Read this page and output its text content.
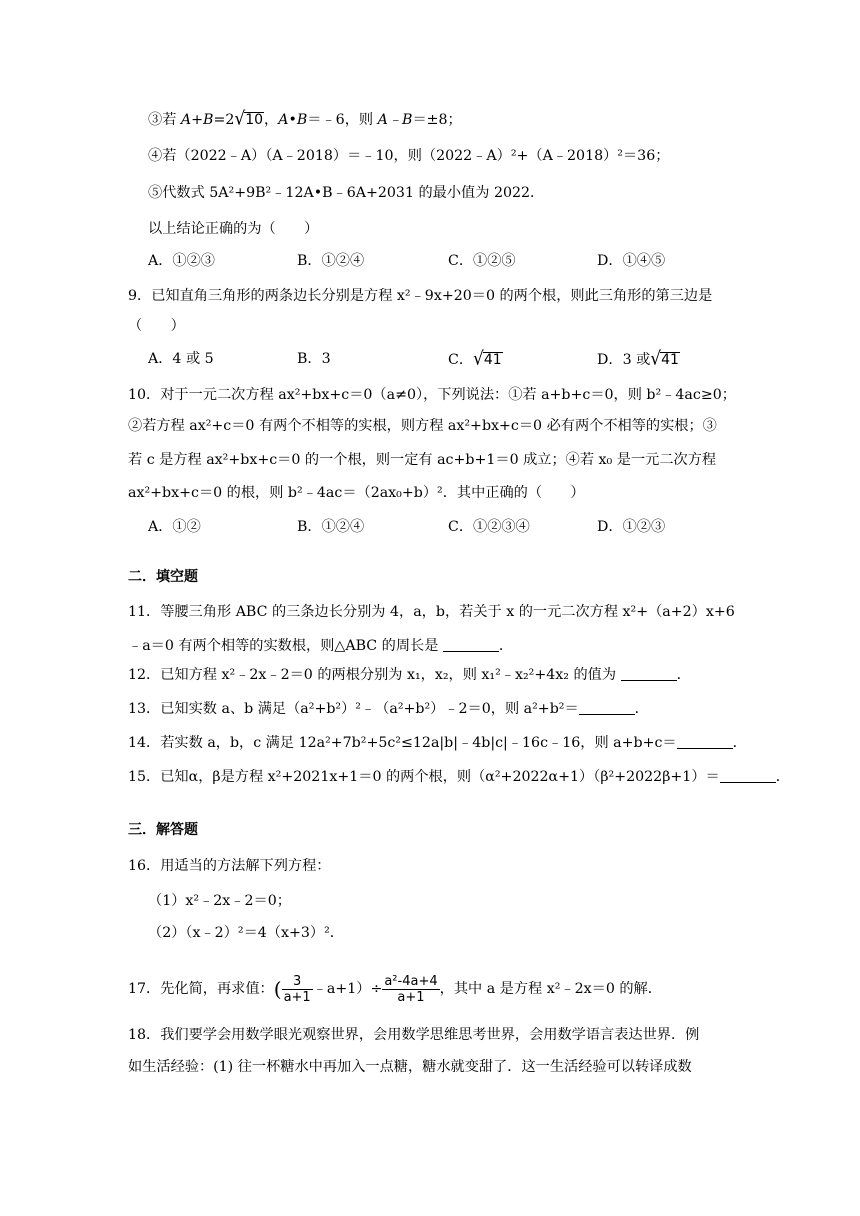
③若 A+B=2√10，A•B＝﹣6，则 A﹣B＝±8；
④若（2022﹣A）（A﹣2018）＝﹣10，则（2022﹣A）²+（A﹣2018）²＝36；
⑤代数式 5A²+9B²﹣12A•B﹣6A+2031 的最小值为 2022．
以上结论正确的为（　　）
A．①②③	B．①②④	C．①②⑤	D．①④⑤
9．已知直角三角形的两条边长分别是方程 x²﹣9x+20＝0 的两个根，则此三角形的第三边是
（　　）
A．4 或 5	B．3	C．√41	D．3 或√41
10．对于一元二次方程 ax²+bx+c＝0（a≠0），下列说法：①若 a+b+c＝0，则 b²﹣4ac≥0；
②若方程 ax²+c＝0 有两个不相等的实根，则方程 ax²+bx+c＝0 必有两个不相等的实根；③
若 c 是方程 ax²+bx+c＝0 的一个根，则一定有 ac+b+1＝0 成立；④若 x₀ 是一元二次方程
ax²+bx+c＝0 的根，则 b²﹣4ac＝（2ax₀+b）²．其中正确的（　　）
A．①②	B．①②④	C．①②③④	D．①②③
二．填空题
11．等腰三角形 ABC 的三条边长分别为 4，a，b，若关于 x 的一元二次方程 x²+（a+2）x+6
﹣a＝0 有两个相等的实数根，则△ABC 的周长是	．
12．已知方程 x²﹣2x﹣2＝0 的两根分别为 x₁，x₂，则 x₁²﹣x₂²+4x₂ 的值为	．
13．已知实数 a、b 满足（a²+b²）²﹣（a²+b²）﹣2＝0，则 a²+b²＝	．
14．若实数 a，b，c 满足 12a²+7b²+5c²≤12a|b|﹣4b|c|﹣16c﹣16，则 a+b+c＝	．
15．已知α，β是方程 x²+2021x+1＝0 的两个根，则（α²+2022α+1）（β²+2022β+1）＝	．
三．解答题
16．用适当的方法解下列方程：
（1）x²﹣2x﹣2＝0；
（2）（x﹣2）²＝4（x+3）²．
17．先化简，再求值：( $\frac{3}{a+1}$ ﹣a+1）÷ $\frac{\text{a²-4a+4}}{a+1}$ ，其中 a 是方程 x²﹣2x＝0 的解．
18．我们要学会用数学眼光观察世界，会用数学思维思考世界，会用数学语言表达世界．例
如生活经验：(1) 往一杯糖水中再加入一点糖，糖水就变甜了．这一生活经验可以转译成数
